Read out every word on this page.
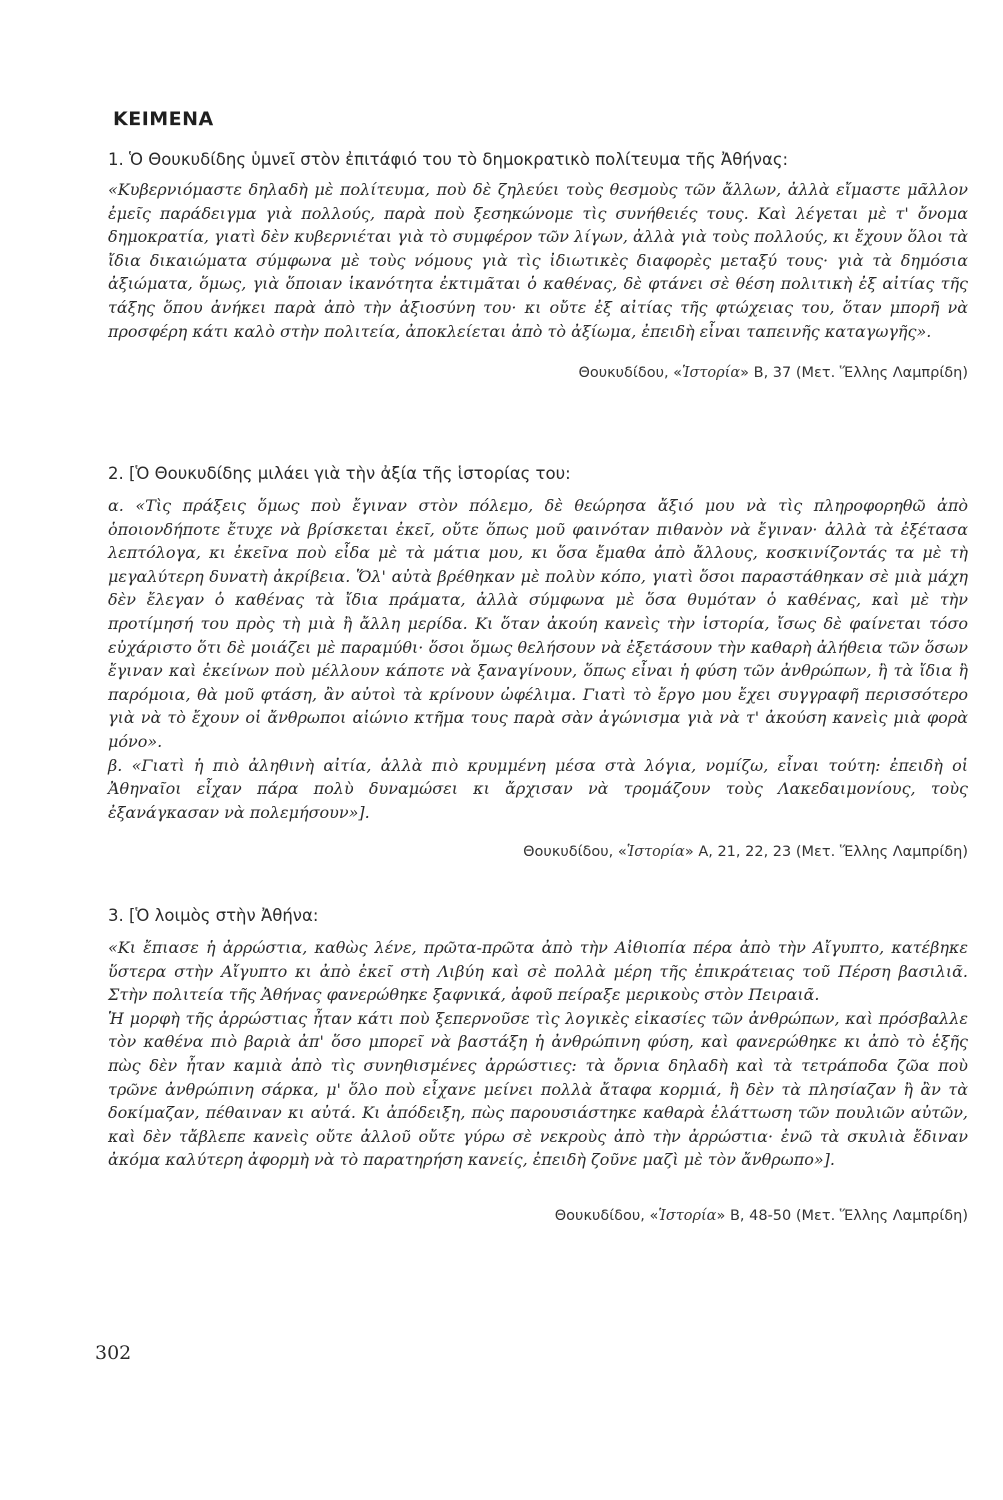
ΚΕΙΜΕΝΑ

1. Ὁ Θουκυδίδης ὑμνεῖ στὸν ἐπιτάφιό του τὸ δημοκρατικὸ πολίτευμα τῆς Ἀθήνας:

«Κυβερνιόμαστε δηλαδὴ μὲ πολίτευμα, ποὺ δὲ ζηλεύει τοὺς θεσμοὺς τῶν ἄλλων, ἀλλὰ εἴμαστε μᾶλλον ἐμεῖς παράδειγμα γιὰ πολλούς, παρὰ ποὺ ξεσηκώνομε τὶς συνήθειές τους. Καὶ λέγεται μὲ τ' ὄνομα δημοκρατία, γιατὶ δὲν κυβερνιέται γιὰ τὸ συμφέρον τῶν λίγων, ἀλλὰ γιὰ τοὺς πολλούς, κι ἔχουν ὅλοι τὰ ἴδια δικαιώματα σύμφωνα μὲ τοὺς νόμους γιὰ τὶς ἰδιωτικὲς διαφορὲς μεταξύ τους· γιὰ τὰ δημόσια ἀξιώματα, ὅμως, γιὰ ὅποιαν ἱκανότητα ἐκτιμᾶται ὁ καθένας, δὲ φτάνει σὲ θέση πολιτικὴ ἐξ αἰτίας τῆς τάξης ὅπου ἀνήκει παρὰ ἀπὸ τὴν ἀξιοσύνη του· κι οὔτε ἐξ αἰτίας τῆς φτώχειας του, ὅταν μπορῆ νὰ προσφέρη κάτι καλὸ στὴν πολιτεία, ἀποκλείεται ἀπὸ τὸ ἀξίωμα, ἐπειδὴ εἶναι ταπεινῆς καταγωγῆς».

Θουκυδίδου, «Ἱστορία» Β, 37 (Μετ. Ἕλλης Λαμπρίδη)

2. [Ὁ Θουκυδίδης μιλάει γιὰ τὴν ἀξία τῆς ἱστορίας του:

α. «Τὶς πράξεις ὅμως ποὺ ἔγιναν στὸν πόλεμο, δὲ θεώρησα ἄξιό μου νὰ τὶς πληροφορηθῶ ἀπὸ ὁποιονδήποτε ἔτυχε νὰ βρίσκεται ἐκεῖ, οὔτε ὅπως μοῦ φαινόταν πιθανὸν νὰ ἔγιναν· ἀλλὰ τὰ ἐξέτασα λεπτόλογα, κι ἐκεῖνα ποὺ εἶδα μὲ τὰ μάτια μου, κι ὅσα ἔμαθα ἀπὸ ἄλλους, κοσκινίζοντάς τα μὲ τὴ μεγαλύτερη δυνατὴ ἀκρίβεια. Ὅλ' αὐτὰ βρέθηκαν μὲ πολὺν κόπο, γιατὶ ὅσοι παραστάθηκαν σὲ μιὰ μάχη δὲν ἔλεγαν ὁ καθένας τὰ ἴδια πράματα, ἀλλὰ σύμφωνα μὲ ὅσα θυμόταν ὁ καθένας, καὶ μὲ τὴν προτίμησή του πρὸς τὴ μιὰ ἢ ἄλλη μερίδα. Κι ὅταν ἀκούη κανεὶς τὴν ἱστορία, ἴσως δὲ φαίνεται τόσο εὐχάριστο ὅτι δὲ μοιάζει μὲ παραμύθι· ὅσοι ὅμως θελήσουν νὰ ἐξετάσουν τὴν καθαρὴ ἀλήθεια τῶν ὅσων ἔγιναν καὶ ἐκείνων ποὺ μέλλουν κάποτε νὰ ξαναγίνουν, ὅπως εἶναι ἡ φύση τῶν ἀνθρώπων, ἢ τὰ ἴδια ἢ παρόμοια, θὰ μοῦ φτάση, ἂν αὐτοὶ τὰ κρίνουν ὠφέλιμα. Γιατὶ τὸ ἔργο μου ἔχει συγγραφῆ περισσότερο γιὰ νὰ τὸ ἔχουν οἱ ἄνθρωποι αἰώνιο κτῆμα τους παρὰ σὰν ἀγώνισμα γιὰ νὰ τ' ἀκούση κανεὶς μιὰ φορὰ μόνο».

β. «Γιατὶ ἡ πιὸ ἀληθινὴ αἰτία, ἀλλὰ πιὸ κρυμμένη μέσα στὰ λόγια, νομίζω, εἶναι τούτη: ἐπειδὴ οἱ Ἀθηναῖοι εἶχαν πάρα πολὺ δυναμώσει κι ἄρχισαν νὰ τρομάζουν τοὺς Λακεδαιμονίους, τοὺς ἐξανάγκασαν νὰ πολεμήσουν»].

Θουκυδίδου, «Ἱστορία» Α, 21, 22, 23 (Μετ. Ἕλλης Λαμπρίδη)

3. [Ὁ λοιμὸς στὴν Ἀθήνα:

«Κι ἔπιασε ἡ ἀρρώστια, καθὼς λένε, πρῶτα-πρῶτα ἀπὸ τὴν Αἰθιοπία πέρα ἀπὸ τὴν Αἴγυπτο, κατέβηκε ὕστερα στὴν Αἴγυπτο κι ἀπὸ ἐκεῖ στὴ Λιβύη καὶ σὲ πολλὰ μέρη τῆς ἐπικράτειας τοῦ Πέρση βασιλιᾶ. Στὴν πολιτεία τῆς Ἀθήνας φανερώθηκε ξαφνικά, ἀφοῦ πείραξε μερικοὺς στὸν Πειραιᾶ.

Ἡ μορφὴ τῆς ἀρρώστιας ἦταν κάτι ποὺ ξεπερνοῦσε τὶς λογικὲς εἰκασίες τῶν ἀνθρώπων, καὶ πρόσβαλλε τὸν καθένα πιὸ βαριὰ ἀπ' ὅσο μπορεῖ νὰ βαστάξη ἡ ἀνθρώπινη φύση, καὶ φανερώθηκε κι ἀπὸ τὸ ἑξῆς πὼς δὲν ἦταν καμιὰ ἀπὸ τὶς συνηθισμένες ἀρρώστιες: τὰ ὄρνια δηλαδὴ καὶ τὰ τετράποδα ζῶα ποὺ τρῶνε ἀνθρώπινη σάρκα, μ' ὅλο ποὺ εἶχανε μείνει πολλὰ ἄταφα κορμιά, ἢ δὲν τὰ πλησίαζαν ἢ ἂν τὰ δοκίμαζαν, πέθαιναν κι αὐτά. Κι ἀπόδειξη, πὼς παρουσιάστηκε καθαρὰ ἐλάττωση τῶν πουλιῶν αὐτῶν, καὶ δὲν τἄβλεπε κανεὶς οὔτε ἀλλοῦ οὔτε γύρω σὲ νεκροὺς ἀπὸ τὴν ἀρρώστια· ἐνῶ τὰ σκυλιὰ ἔδιναν ἀκόμα καλύτερη ἀφορμὴ νὰ τὸ παρατηρήση κανείς, ἐπειδὴ ζοῦνε μαζὶ μὲ τὸν ἄνθρωπο»].

Θουκυδίδου, «Ἱστορία» Β, 48-50 (Μετ. Ἕλλης Λαμπρίδη)

302
